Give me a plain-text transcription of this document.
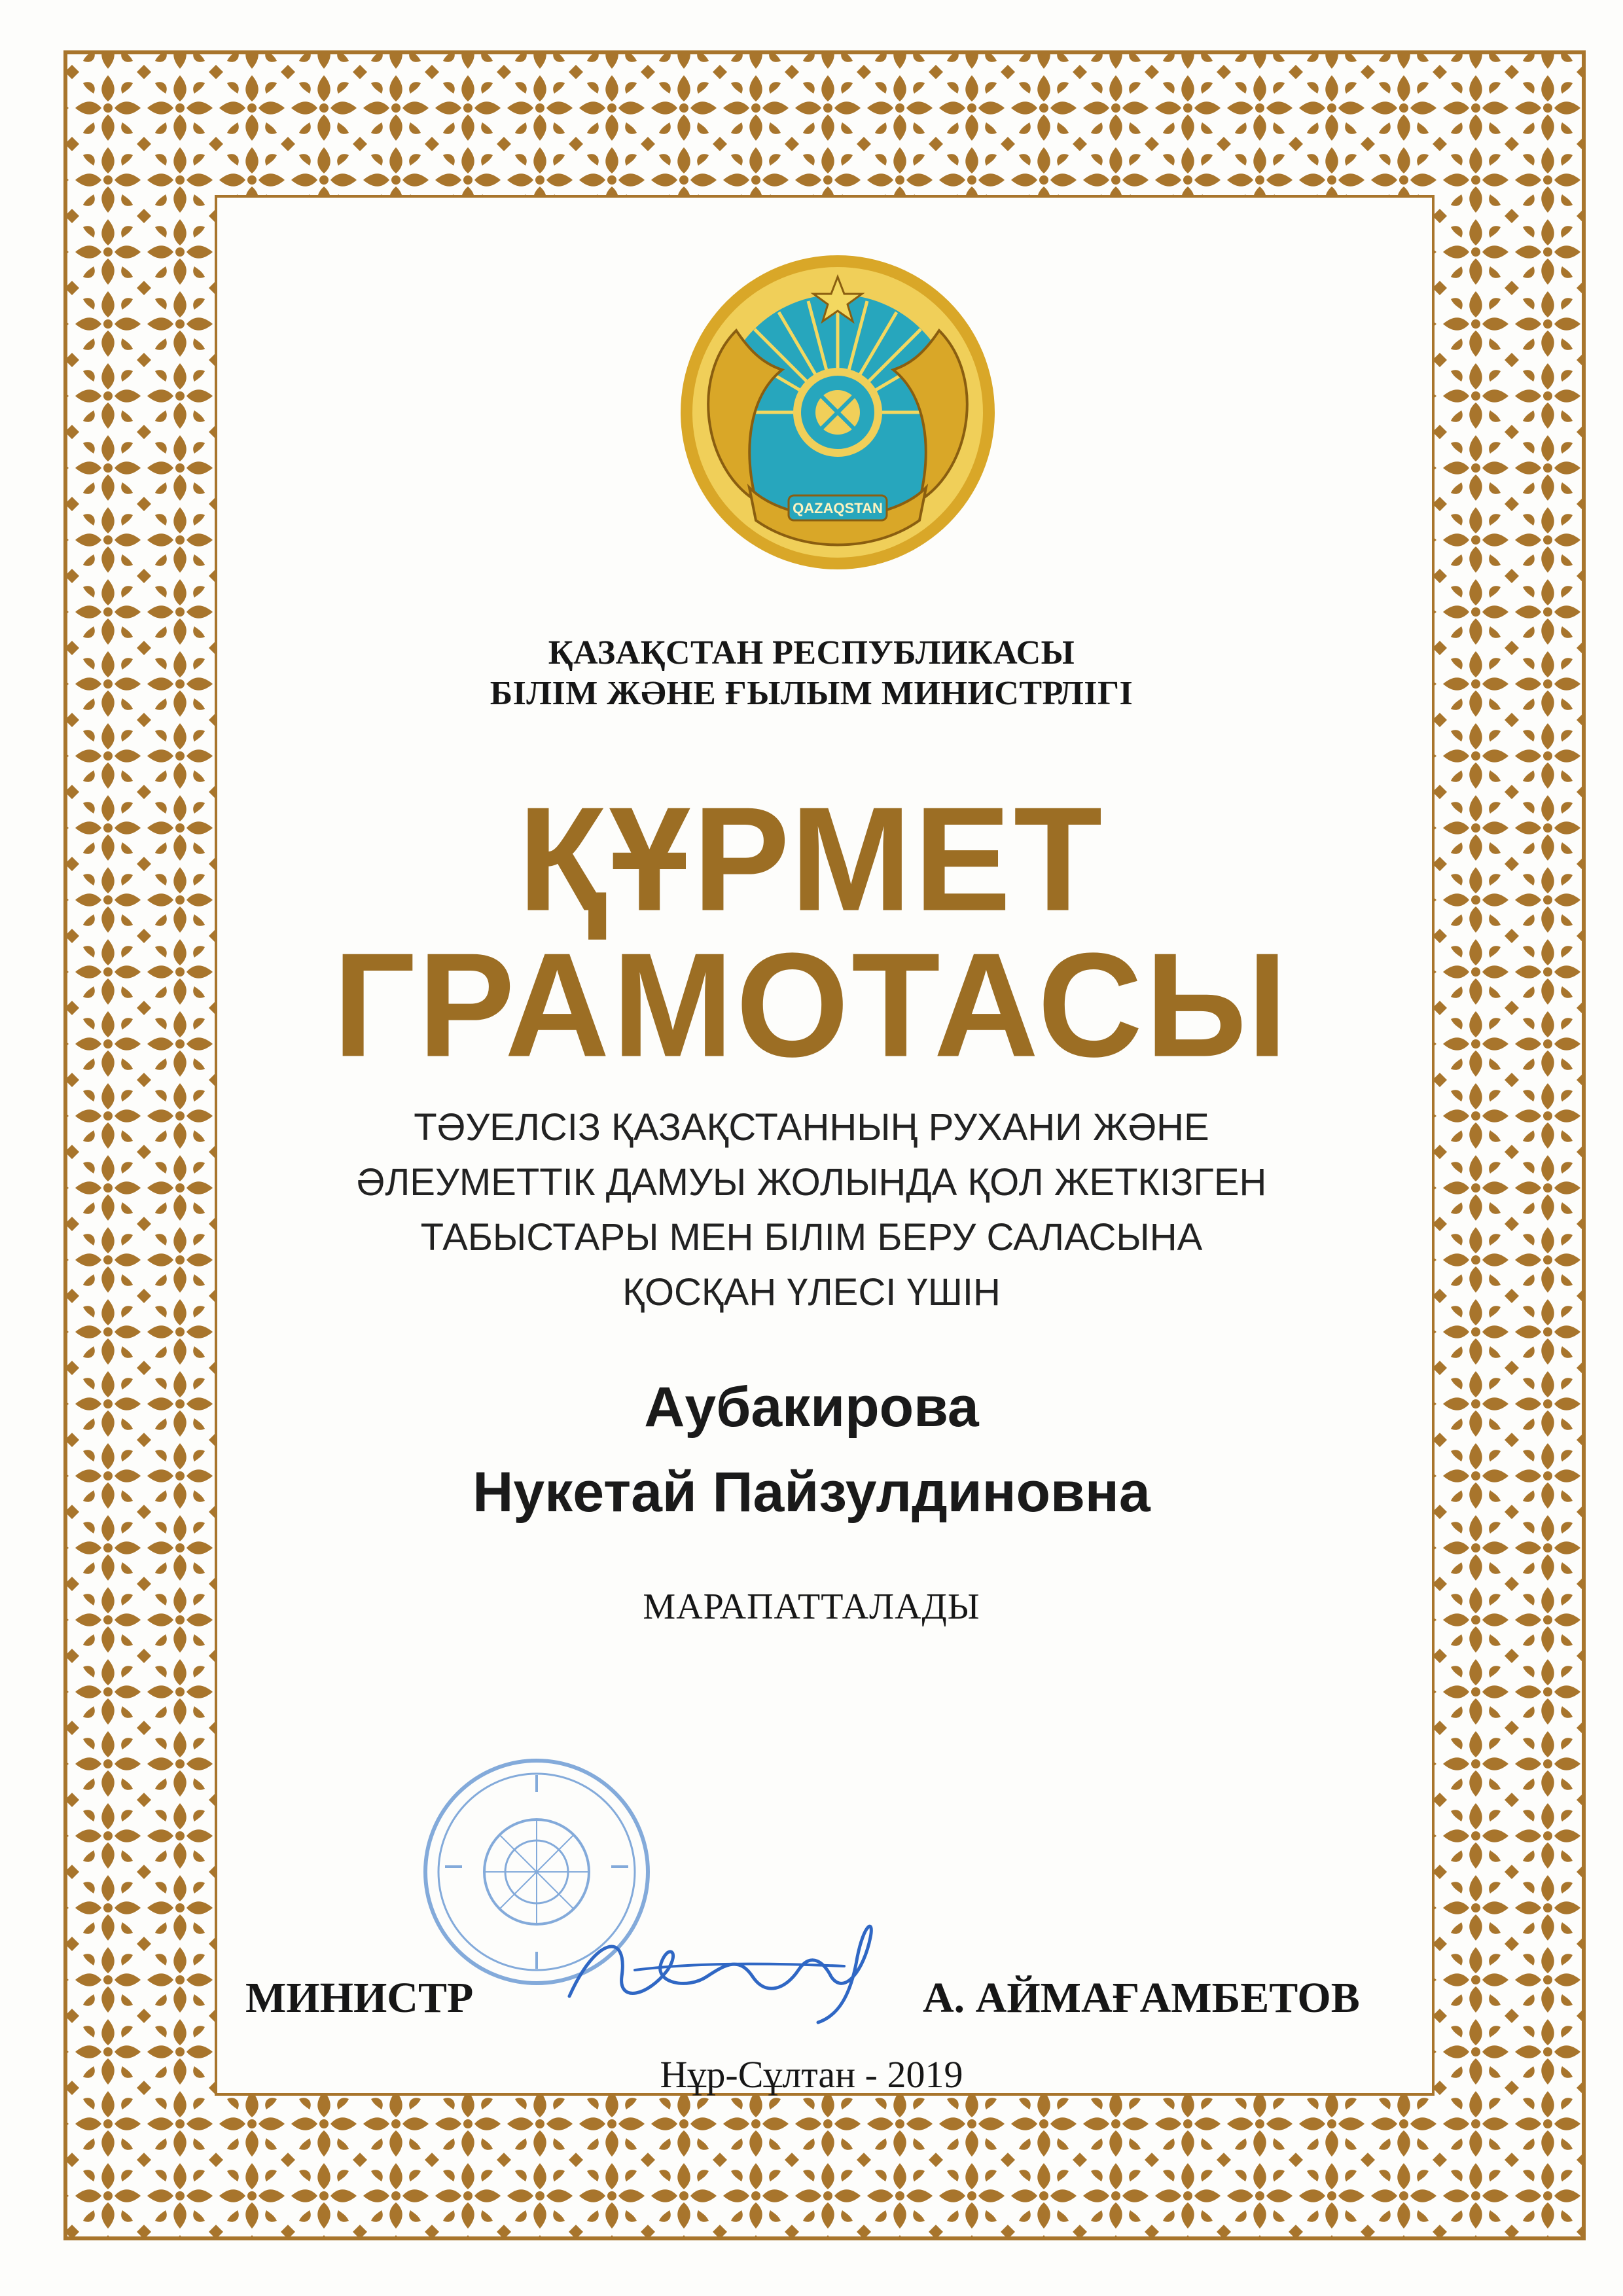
QAZAQSTAN
ҚАЗАҚСТАН РЕСПУБЛИКАСЫ
БІЛІМ ЖӘНЕ ҒЫЛЫМ МИНИСТРЛІГІ
ҚҰРМЕТ
ГРАМОТАСЫ
ТӘУЕЛСІЗ ҚАЗАҚСТАННЫҢ РУХАНИ ЖӘНЕ
ӘЛЕУМЕТТІК ДАМУЫ ЖОЛЫНДА ҚОЛ ЖЕТКІЗГЕН
ТАБЫСТАРЫ МЕН БІЛІМ БЕРУ САЛАСЫНА
ҚОСҚАН ҮЛЕСІ ҮШІН
Аубакирова
Нукетай Пайзулдиновна
МАРАПАТТАЛАДЫ
МИНИСТР	А. АЙМАҒАМБЕТОВ
Нұр-Сұлтан - 2019
